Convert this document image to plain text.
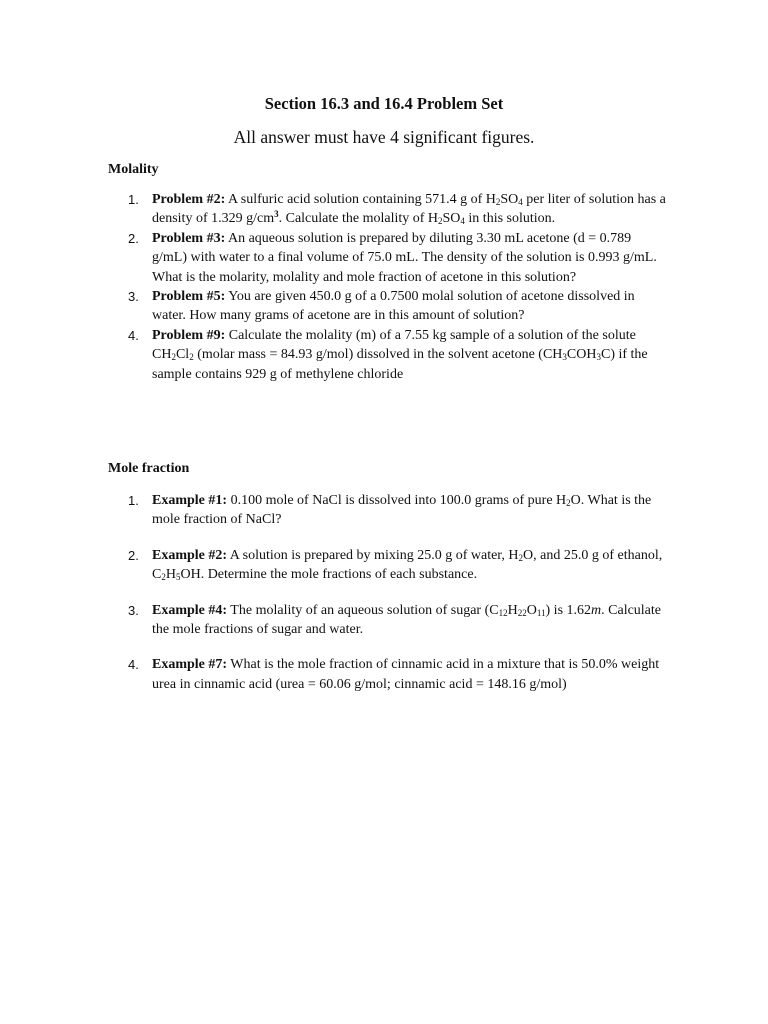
Section 16.3 and 16.4 Problem Set
All answer must have 4 significant figures.
Molality
1. Problem #2: A sulfuric acid solution containing 571.4 g of $H_2SO_4$ per liter of solution has a density of 1.329 $g/cm^3$. Calculate the molality of $H_2SO_4$ in this solution.
2. Problem #3: An aqueous solution is prepared by diluting 3.30 mL acetone (d = 0.789 g/mL) with water to a final volume of 75.0 mL. The density of the solution is 0.993 g/mL. What is the molarity, molality and mole fraction of acetone in this solution?
3. Problem #5: You are given 450.0 g of a 0.7500 molal solution of acetone dissolved in water. How many grams of acetone are in this amount of solution?
4. Problem #9: Calculate the molality (m) of a 7.55 kg sample of a solution of the solute $CH_2Cl_2$ (molar mass = 84.93 g/mol) dissolved in the solvent acetone $(CH_3COH_3C)$ if the sample contains 929 g of methylene chloride
Mole fraction
1. Example #1: 0.100 mole of NaCl is dissolved into 100.0 grams of pure $H_2O$. What is the mole fraction of NaCl?
2. Example #2: A solution is prepared by mixing 25.0 g of water, $H_2O$, and 25.0 g of ethanol, $C_2H_5OH$. Determine the mole fractions of each substance.
3. Example #4: The molality of an aqueous solution of sugar $(C_{12}H_{22}O_{11})$ is 1.62m. Calculate the mole fractions of sugar and water.
4. Example #7: What is the mole fraction of cinnamic acid in a mixture that is 50.0% weight urea in cinnamic acid (urea = 60.06 g/mol; cinnamic acid = 148.16 g/mol)
